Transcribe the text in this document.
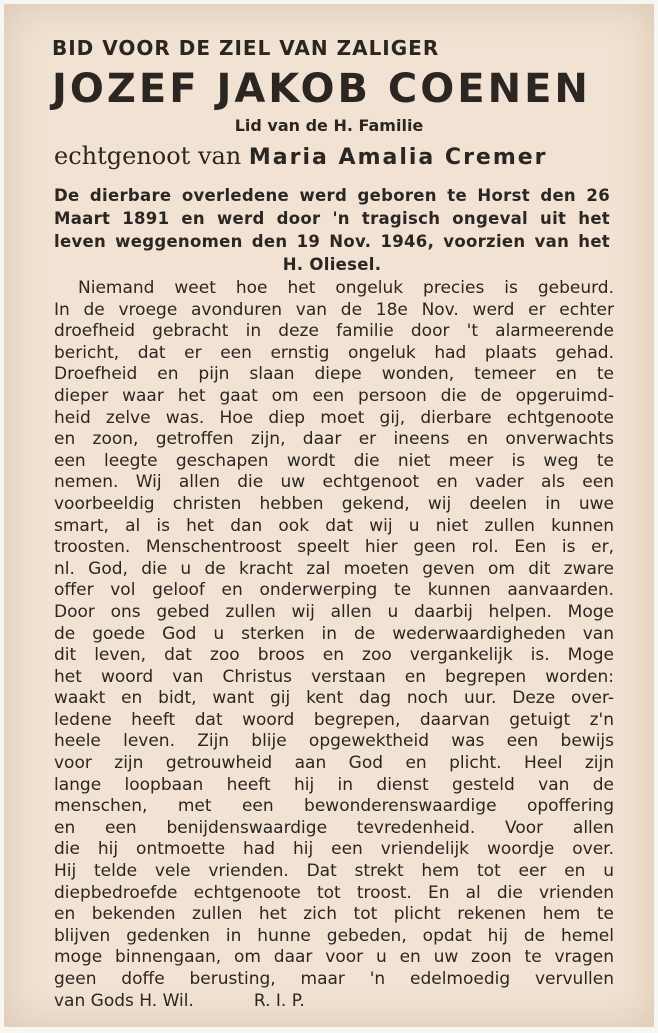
BID VOOR DE ZIEL VAN ZALIGER
JOZEF JAKOB COENEN
Lid van de H. Familie
echtgenoot van Maria Amalia Cremer
De dierbare overledene werd geboren te Horst den 26 Maart 1891 en werd door 'n tragisch ongeval uit het leven weggenomen den 19 Nov. 1946, voorzien van het H. Oliesel.
Niemand weet hoe het ongeluk precies is gebeurd.
In de vroege avonduren van de 18e Nov. werd er echter
droefheid gebracht in deze familie door 't alarmeerende
bericht, dat er een ernstig ongeluk had plaats gehad.
Droefheid en pijn slaan diepe wonden, temeer en te
dieper waar het gaat om een persoon die de opgeruimd-
heid zelve was. Hoe diep moet gij, dierbare echtgenoote
en zoon, getroffen zijn, daar er ineens en onverwachts
een leegte geschapen wordt die niet meer is weg te
nemen. Wij allen die uw echtgenoot en vader als een
voorbeeldig christen hebben gekend, wij deelen in uwe
smart, al is het dan ook dat wij u niet zullen kunnen
troosten. Menschentroost speelt hier geen rol. Een is er,
nl. God, die u de kracht zal moeten geven om dit zware
offer vol geloof en onderwerping te kunnen aanvaarden.
Door ons gebed zullen wij allen u daarbij helpen. Moge
de goede God u sterken in de wederwaardigheden van
dit leven, dat zoo broos en zoo vergankelijk is. Moge
het woord van Christus verstaan en begrepen worden:
waakt en bidt, want gij kent dag noch uur. Deze over-
ledene heeft dat woord begrepen, daarvan getuigt z'n
heele leven. Zijn blije opgewektheid was een bewijs
voor zijn getrouwheid aan God en plicht. Heel zijn
lange loopbaan heeft hij in dienst gesteld van de
menschen, met een bewonderenswaardige opoffering
en een benijdenswaardige tevredenheid. Voor allen
die hij ontmoette had hij een vriendelijk woordje over.
Hij telde vele vrienden. Dat strekt hem tot eer en u
diepbedroefde echtgenoote tot troost. En al die vrienden
en bekenden zullen het zich tot plicht rekenen hem te
blijven gedenken in hunne gebeden, opdat hij de hemel
moge binnengaan, om daar voor u en uw zoon te vragen
geen doffe berusting, maar 'n edelmoedig vervullen
van Gods H. Wil.	R. I. P.
